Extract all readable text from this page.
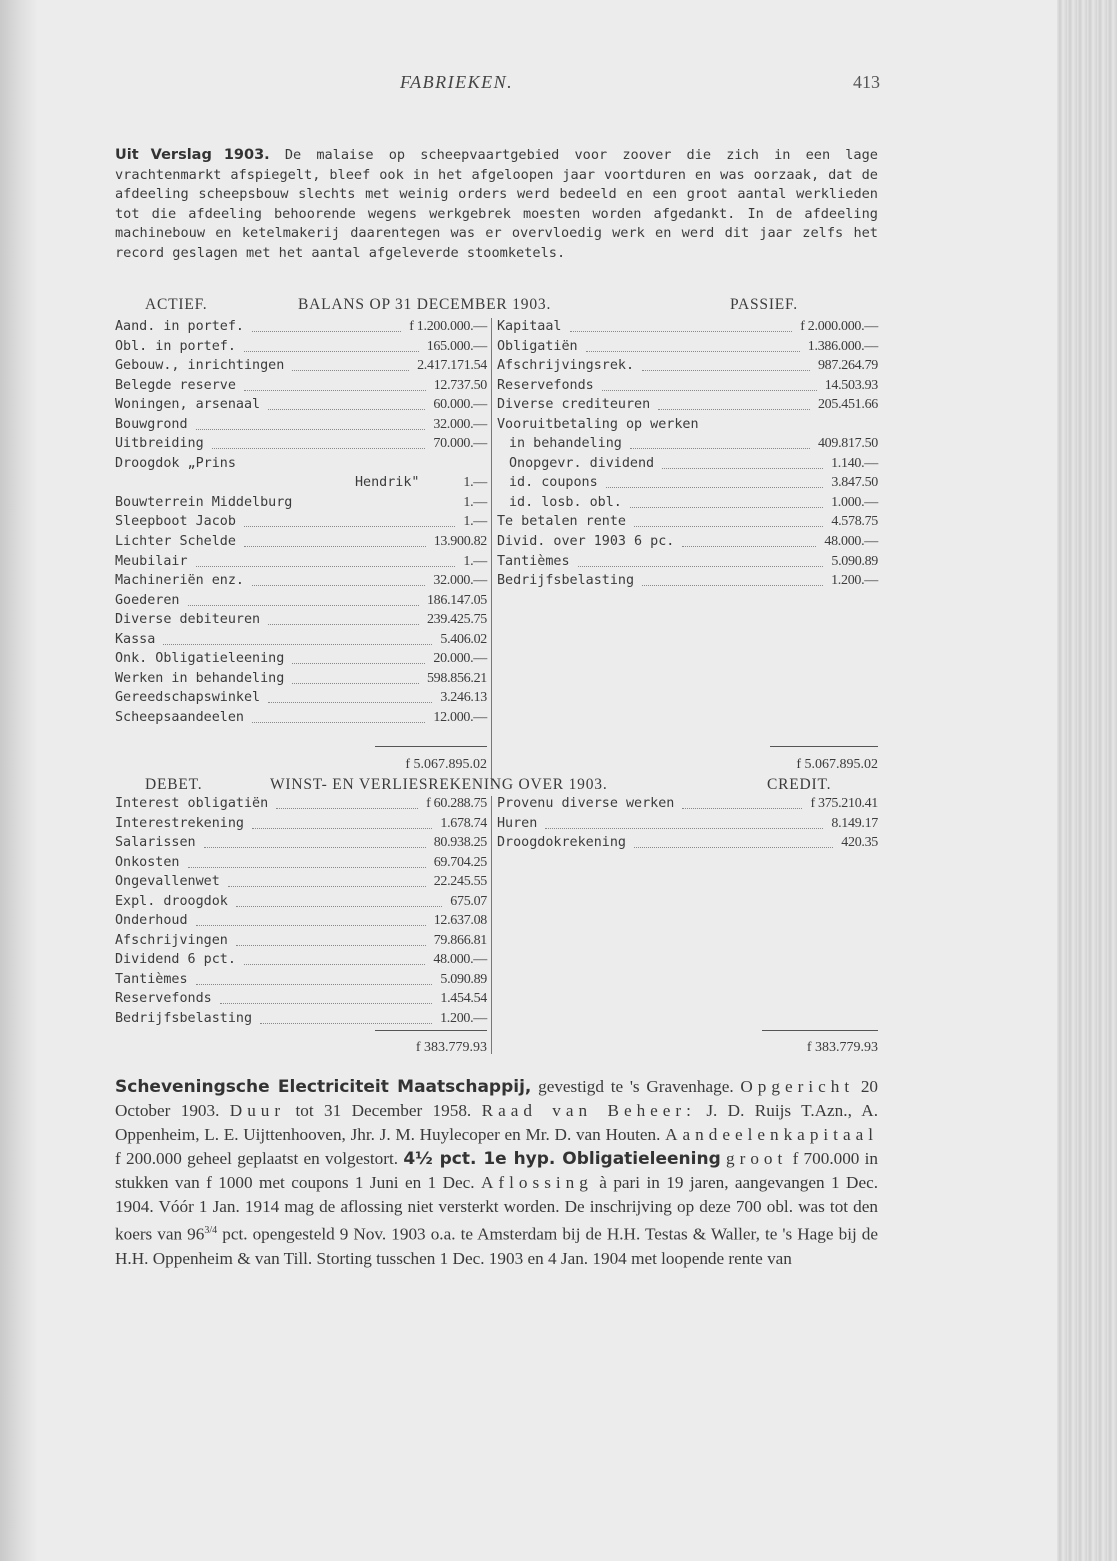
FABRIEKEN.	413
Uit Verslag 1903. De malaise op scheepvaartgebied voor zoover die zich in een lage vrachtenmarkt afspiegelt, bleef ook in het afgeloopen jaar voortduren en was oorzaak, dat de afdeeling scheepsbouw slechts met weinig orders werd bedeeld en een groot aantal werklieden tot die afdeeling behoorende wegens werkgebrek moesten worden afgedankt. In de afdeeling machinebouw en ketelmakerij daarentegen was er overvloedig werk en werd dit jaar zelfs het record geslagen met het aantal afgeleverde stoomketels.
ACTIEF.	BALANS OP 31 DECEMBER 1903.	PASSIEF.
Aand. in portef.	f 1.200.000.—
Obl. in portef.	165.000.—
Gebouw., inrichtingen	2.417.171.54
Belegde reserve	12.737.50
Woningen, arsenaal	60.000.—
Bouwgrond	32.000.—
Uitbreiding	70.000.—
Droogdok „Prins
Hendrik"	1.—
Bouwterrein Middelburg	1.—
Sleepboot Jacob	1.—
Lichter Schelde	13.900.82
Meubilair	1.—
Machineriën enz.	32.000.—
Goederen	186.147.05
Diverse debiteuren	239.425.75
Kassa	5.406.02
Onk. Obligatieleening	20.000.—
Werken in behandeling	598.856.21
Gereedschapswinkel	3.246.13
Scheepsaandeelen	12.000.—
Kapitaal	f 2.000.000.—
Obligatiën	1.386.000.—
Afschrijvingsrek.	987.264.79
Reservefonds	14.503.93
Diverse crediteuren	205.451.66
Vooruitbetaling op werken
in behandeling	409.817.50
Onopgevr. dividend	1.140.—
id. coupons	3.847.50
id. losb. obl.	1.000.—
Te betalen rente	4.578.75
Divid. over 1903 6 pc.	48.000.—
Tantièmes	5.090.89
Bedrijfsbelasting	1.200.—
f 5.067.895.02	f 5.067.895.02
DEBET.	WINST- EN VERLIESREKENING OVER 1903.	CREDIT.
Interest obligatiën	f 60.288.75
Interestrekening	1.678.74
Salarissen	80.938.25
Onkosten	69.704.25
Ongevallenwet	22.245.55
Expl. droogdok	675.07
Onderhoud	12.637.08
Afschrijvingen	79.866.81
Dividend 6 pct.	48.000.—
Tantièmes	5.090.89
Reservefonds	1.454.54
Bedrijfsbelasting	1.200.—
Provenu diverse werken	f 375.210.41
Huren	8.149.17
Droogdokrekening	420.35
f 383.779.93	f 383.779.93
Scheveningsche Electriciteit Maatschappij, gevestigd te 's Gravenhage. Opgericht 20 October 1903. Duur tot 31 December 1958. Raad van Beheer: J. D. Ruijs T.Azn., A. Oppenheim, L. E. Uijttenhooven, Jhr. J. M. Huylecoper en Mr. D. van Houten. Aandeelenkapitaal f 200.000 geheel geplaatst en volgestort. 4½ pct. 1e hyp. Obligatieleening groot f 700.000 in stukken van f 1000 met coupons 1 Juni en 1 Dec. Aflossing à pari in 19 jaren, aangevangen 1 Dec. 1904. Vóór 1 Jan. 1914 mag de aflossing niet versterkt worden. De inschrijving op deze 700 obl. was tot den koers van $96^{3/4}$ pct. opengesteld 9 Nov. 1903 o.a. te Amsterdam bij de H.H. Testas & Waller, te 's Hage bij de H.H. Oppenheim & van Till. Storting tusschen 1 Dec. 1903 en 4 Jan. 1904 met loopende rente van
